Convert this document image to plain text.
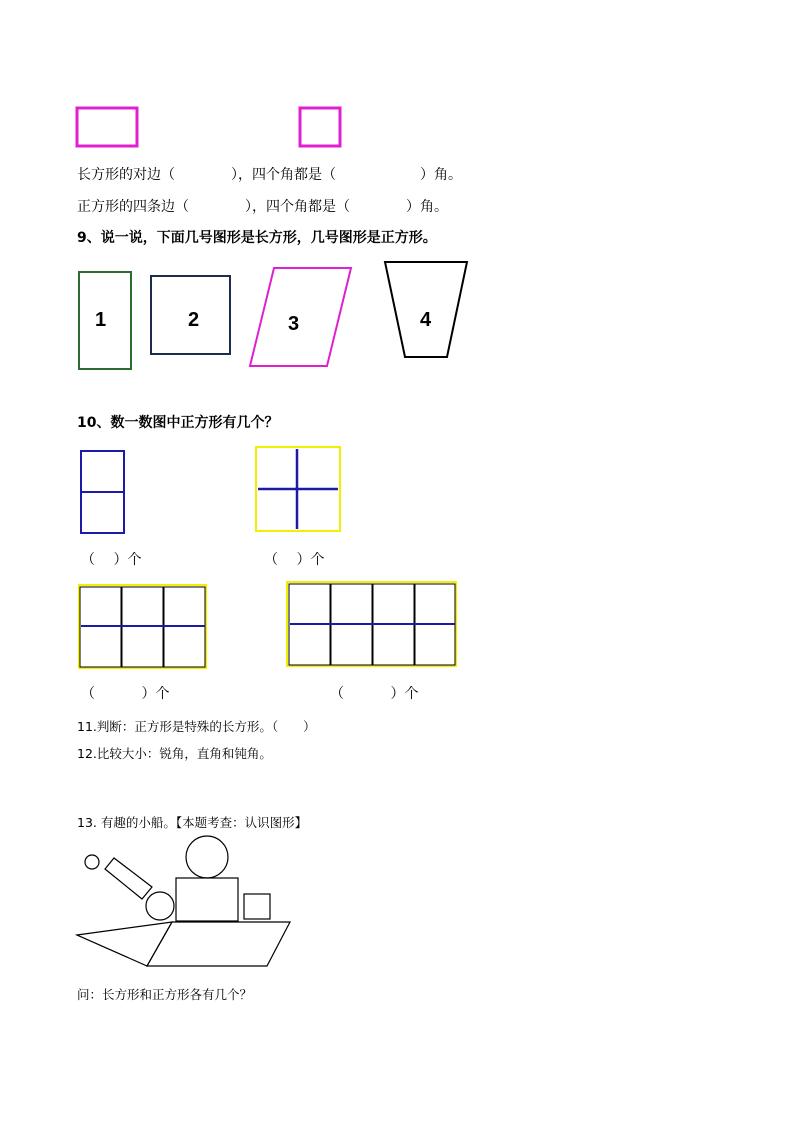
长方形的对边（　　　　），四个角都是（　　　　　　）角。
正方形的四条边（　　　　），四个角都是（　　　　）角。
9、说一说，下面几号图形是长方形，几号图形是正方形。
1	2	3	4
10、数一数图中正方形有几个？
（　 ）个	（　 ）个
（　　　 ）个	（　　　 ）个
11.判断：正方形是特殊的长方形。（　　）
12.比较大小：锐角，直角和钝角。
13. 有趣的小船。【本题考查：认识图形】
问：长方形和正方形各有几个？
